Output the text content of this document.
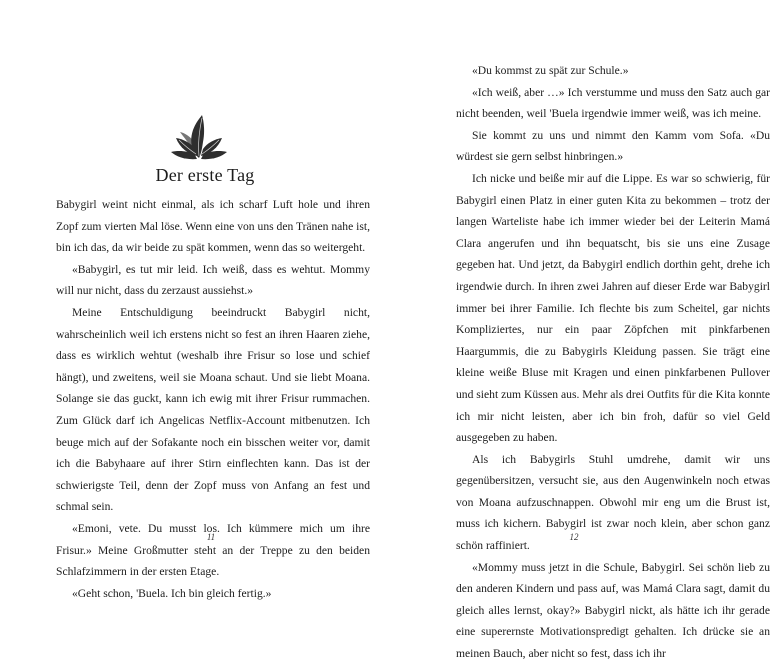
Der erste Tag

Babygirl weint nicht einmal, als ich scharf Luft hole und ihren Zopf zum vierten Mal löse. Wenn eine von uns den Tränen nahe ist, bin ich das, da wir beide zu spät kommen, wenn das so weitergeht.

«Babygirl, es tut mir leid. Ich weiß, dass es wehtut. Mommy will nur nicht, dass du zerzaust aussiehst.»

Meine Entschuldigung beeindruckt Babygirl nicht, wahrscheinlich weil ich erstens nicht so fest an ihren Haaren ziehe, dass es wirklich wehtut (weshalb ihre Frisur so lose und schief hängt), und zweitens, weil sie Moana schaut. Und sie liebt Moana. Solange sie das guckt, kann ich ewig mit ihrer Frisur rummachen. Zum Glück darf ich Angelicas Netflix-Account mitbenutzen. Ich beuge mich auf der Sofakante noch ein bisschen weiter vor, damit ich die Babyhaare auf ihrer Stirn einflechten kann. Das ist der schwierigste Teil, denn der Zopf muss von Anfang an fest und schmal sein.

«Emoni, vete. Du musst los. Ich kümmere mich um ihre Frisur.» Meine Großmutter steht an der Treppe zu den beiden Schlafzimmern in der ersten Etage.

«Geht schon, 'Buela. Ich bin gleich fertig.»

11

«Du kommst zu spät zur Schule.»

«Ich weiß, aber …» Ich verstumme und muss den Satz auch gar nicht beenden, weil 'Buela irgendwie immer weiß, was ich meine.

Sie kommt zu uns und nimmt den Kamm vom Sofa. «Du würdest sie gern selbst hinbringen.»

Ich nicke und beiße mir auf die Lippe. Es war so schwierig, für Babygirl einen Platz in einer guten Kita zu bekommen – trotz der langen Warteliste habe ich immer wieder bei der Leiterin Mamá Clara angerufen und ihn bequatscht, bis sie uns eine Zusage gegeben hat. Und jetzt, da Babygirl endlich dorthin geht, drehe ich irgendwie durch. In ihren zwei Jahren auf dieser Erde war Babygirl immer bei ihrer Familie. Ich flechte bis zum Scheitel, gar nichts Kompliziertes, nur ein paar Zöpfchen mit pinkfarbenen Haargummis, die zu Babygirls Kleidung passen. Sie trägt eine kleine weiße Bluse mit Kragen und einen pinkfarbenen Pullover und sieht zum Küssen aus. Mehr als drei Outfits für die Kita konnte ich mir nicht leisten, aber ich bin froh, dafür so viel Geld ausgegeben zu haben.

Als ich Babygirls Stuhl umdrehe, damit wir uns gegenübersitzen, versucht sie, aus den Augenwinkeln noch etwas von Moana aufzuschnappen. Obwohl mir eng um die Brust ist, muss ich kichern. Babygirl ist zwar noch klein, aber schon ganz schön raffiniert.

«Mommy muss jetzt in die Schule, Babygirl. Sei schön lieb zu den anderen Kindern und pass auf, was Mamá Clara sagt, damit du gleich alles lernst, okay?» Babygirl nickt, als hätte ich ihr gerade eine superernste Motivationspredigt gehalten. Ich drücke sie an meinen Bauch, aber nicht so fest, dass ich ihr

12
